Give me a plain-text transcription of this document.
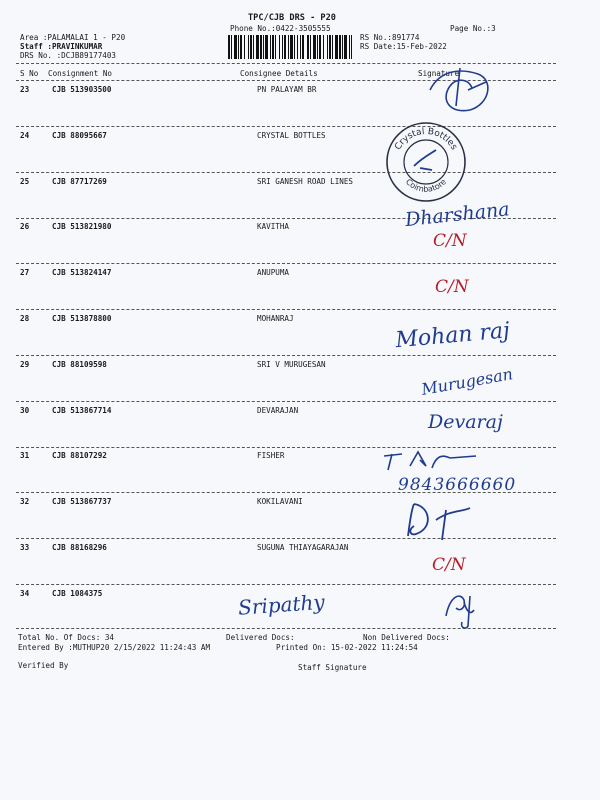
TPC/CJB DRS - P20
Phone No.:0422-3505555	Page No.:3
Area :PALAMALAI 1 - P20
Staff :PRAVINKUMAR
DRS No. :DCJB89177403
RS No.:891774
RS Date:15-Feb-2022
S No Consignment No	Consignee Details	Signature
23	CJB 513903500	PN PALAYAM BR
24	CJB 88095667	CRYSTAL BOTTLES
25	CJB 87717269	SRI GANESH ROAD LINES
26	CJB 513821980	KAVITHA
27	CJB 513824147	ANUPUMA
28	CJB 513878800	MOHANRAJ
29	CJB 88109598	SRI V MURUGESAN
30	CJB 513867714	DEVARAJAN
31	CJB 88107292	FISHER
32	CJB 513867737	KOKILAVANI
33	CJB 88168296	SUGUNA THIAYAGARAJAN
34	CJB 1084375
Total No. Of Docs: 34	Delivered Docs:	Non Delivered Docs:
Entered By :MUTHUP20 2/15/2022 11:24:43 AM	Printed On: 15-02-2022 11:24:54
Verified By	Staff Signature
Crystal Bottles
Coimbatore
Dharshana
C/N
C/N
Mohan raj
Murugesan
Devaraj
9843666660
C/N
Sripathy
